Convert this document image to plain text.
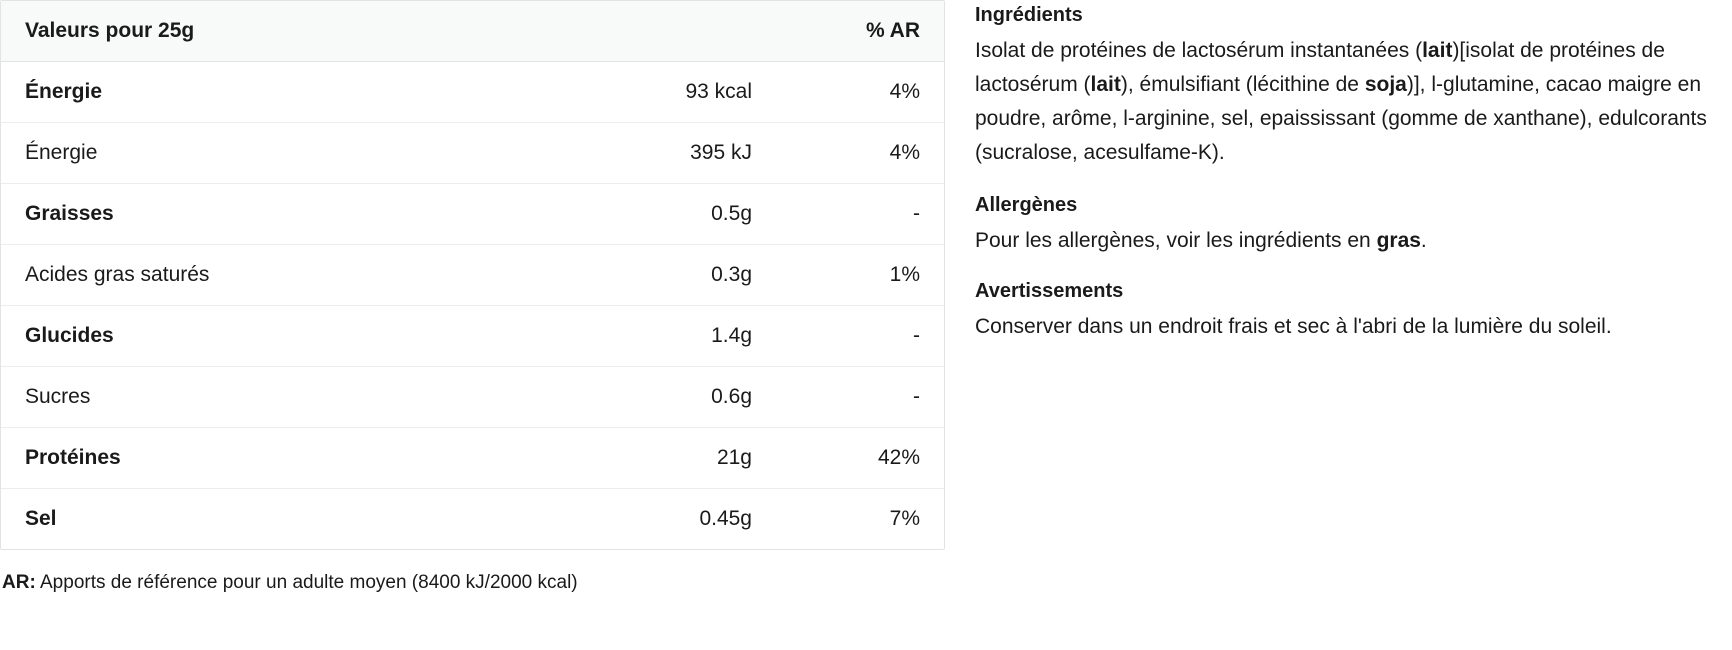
Valeurs pour 25g		% AR
Énergie	93 kcal	4%
Énergie	395 kJ	4%
Graisses	0.5g	-
Acides gras saturés	0.3g	1%
Glucides	1.4g	-
Sucres	0.6g	-
Protéines	21g	42%
Sel	0.45g	7%
AR: Apports de référence pour un adulte moyen (8400 kJ/2000 kcal)
Ingrédients

Isolat de protéines de lactosérum instantanées (lait)[isolat de protéines de lactosérum (lait), émulsifiant (lécithine de soja)], l-glutamine, cacao maigre en poudre, arôme, l-arginine, sel, epaississant (gomme de xanthane), edulcorants (sucralose, acesulfame-K).

Allergènes

Pour les allergènes, voir les ingrédients en gras.

Avertissements

Conserver dans un endroit frais et sec à l'abri de la lumière du soleil.
